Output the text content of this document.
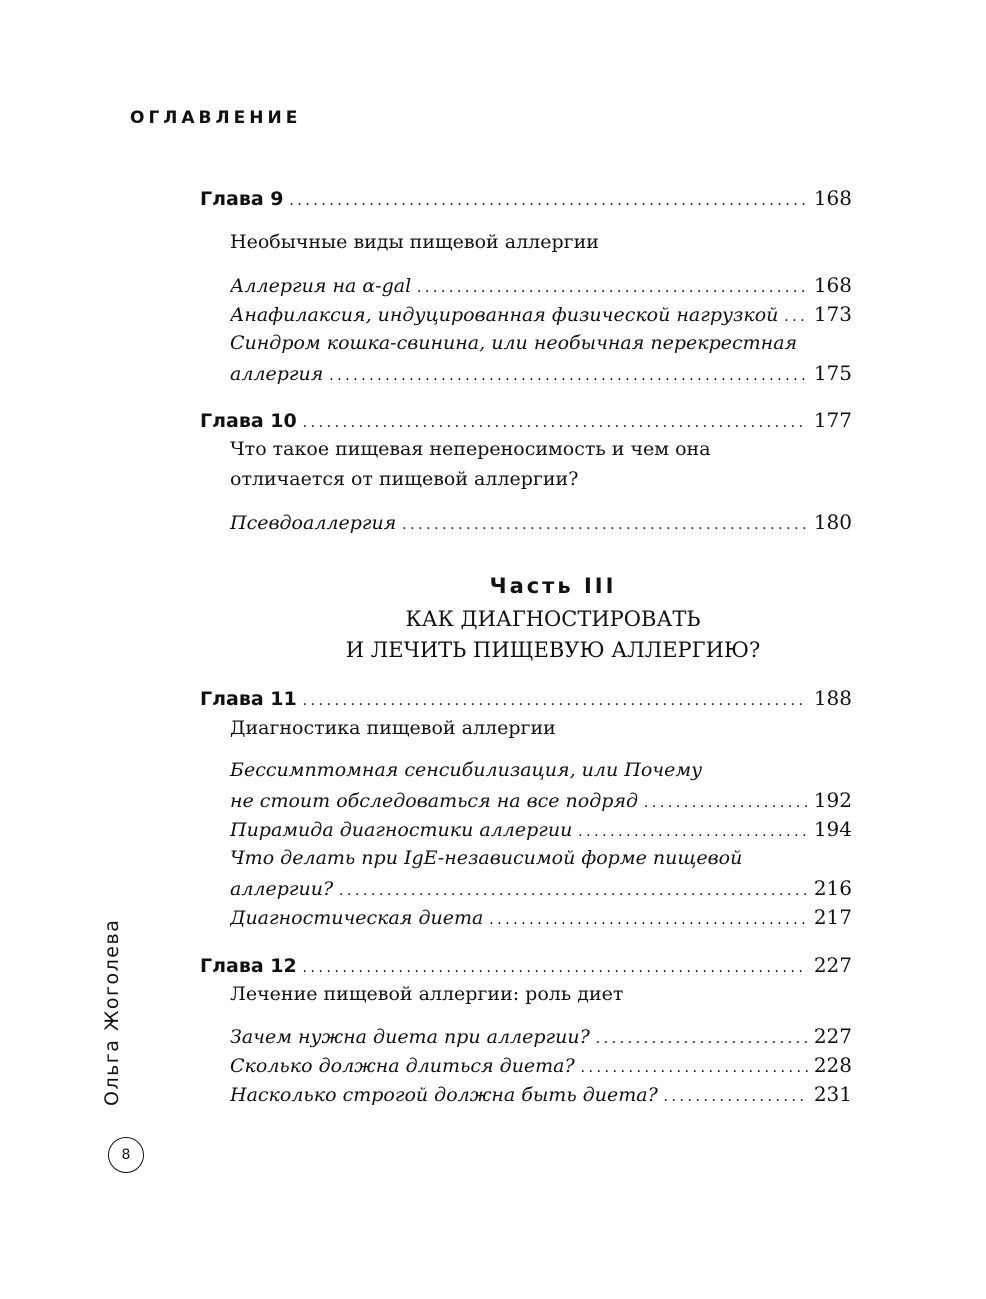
ОГЛАВЛЕНИЕ
Глава 9 . . .	168
Необычные виды пищевой аллергии
Аллергия на α-gal . . .	168
Анафилаксия, индуцированная физической нагрузкой . . . 173
Синдром кошка-свинина, или необычная перекрестная
аллергия . . .	175
Глава 10 . . .	177
Что такое пищевая непереносимость и чем она
отличается от пищевой аллергии?
Псевдоаллергия . . .	180
Часть III
КАК ДИАГНОСТИРОВАТЬ
И ЛЕЧИТЬ ПИЩЕВУЮ АЛЛЕРГИЮ?
Глава 11 . . .	188
Диагностика пищевой аллергии
Бессимптомная сенсибилизация, или Почему
не стоит обследоваться на все подряд . . .	192
Пирамида диагностики аллергии . . .	194
Что делать при IgE-независимой форме пищевой
аллергии? . . .	216
Диагностическая диета . . .	217
Глава 12 . . .	227
Лечение пищевой аллергии: роль диет
Зачем нужна диета при аллергии? . . .	227
Сколько должна длиться диета? . . .	228
Насколько строгой должна быть диета? . . .	231
Ольга Жоголева
8
